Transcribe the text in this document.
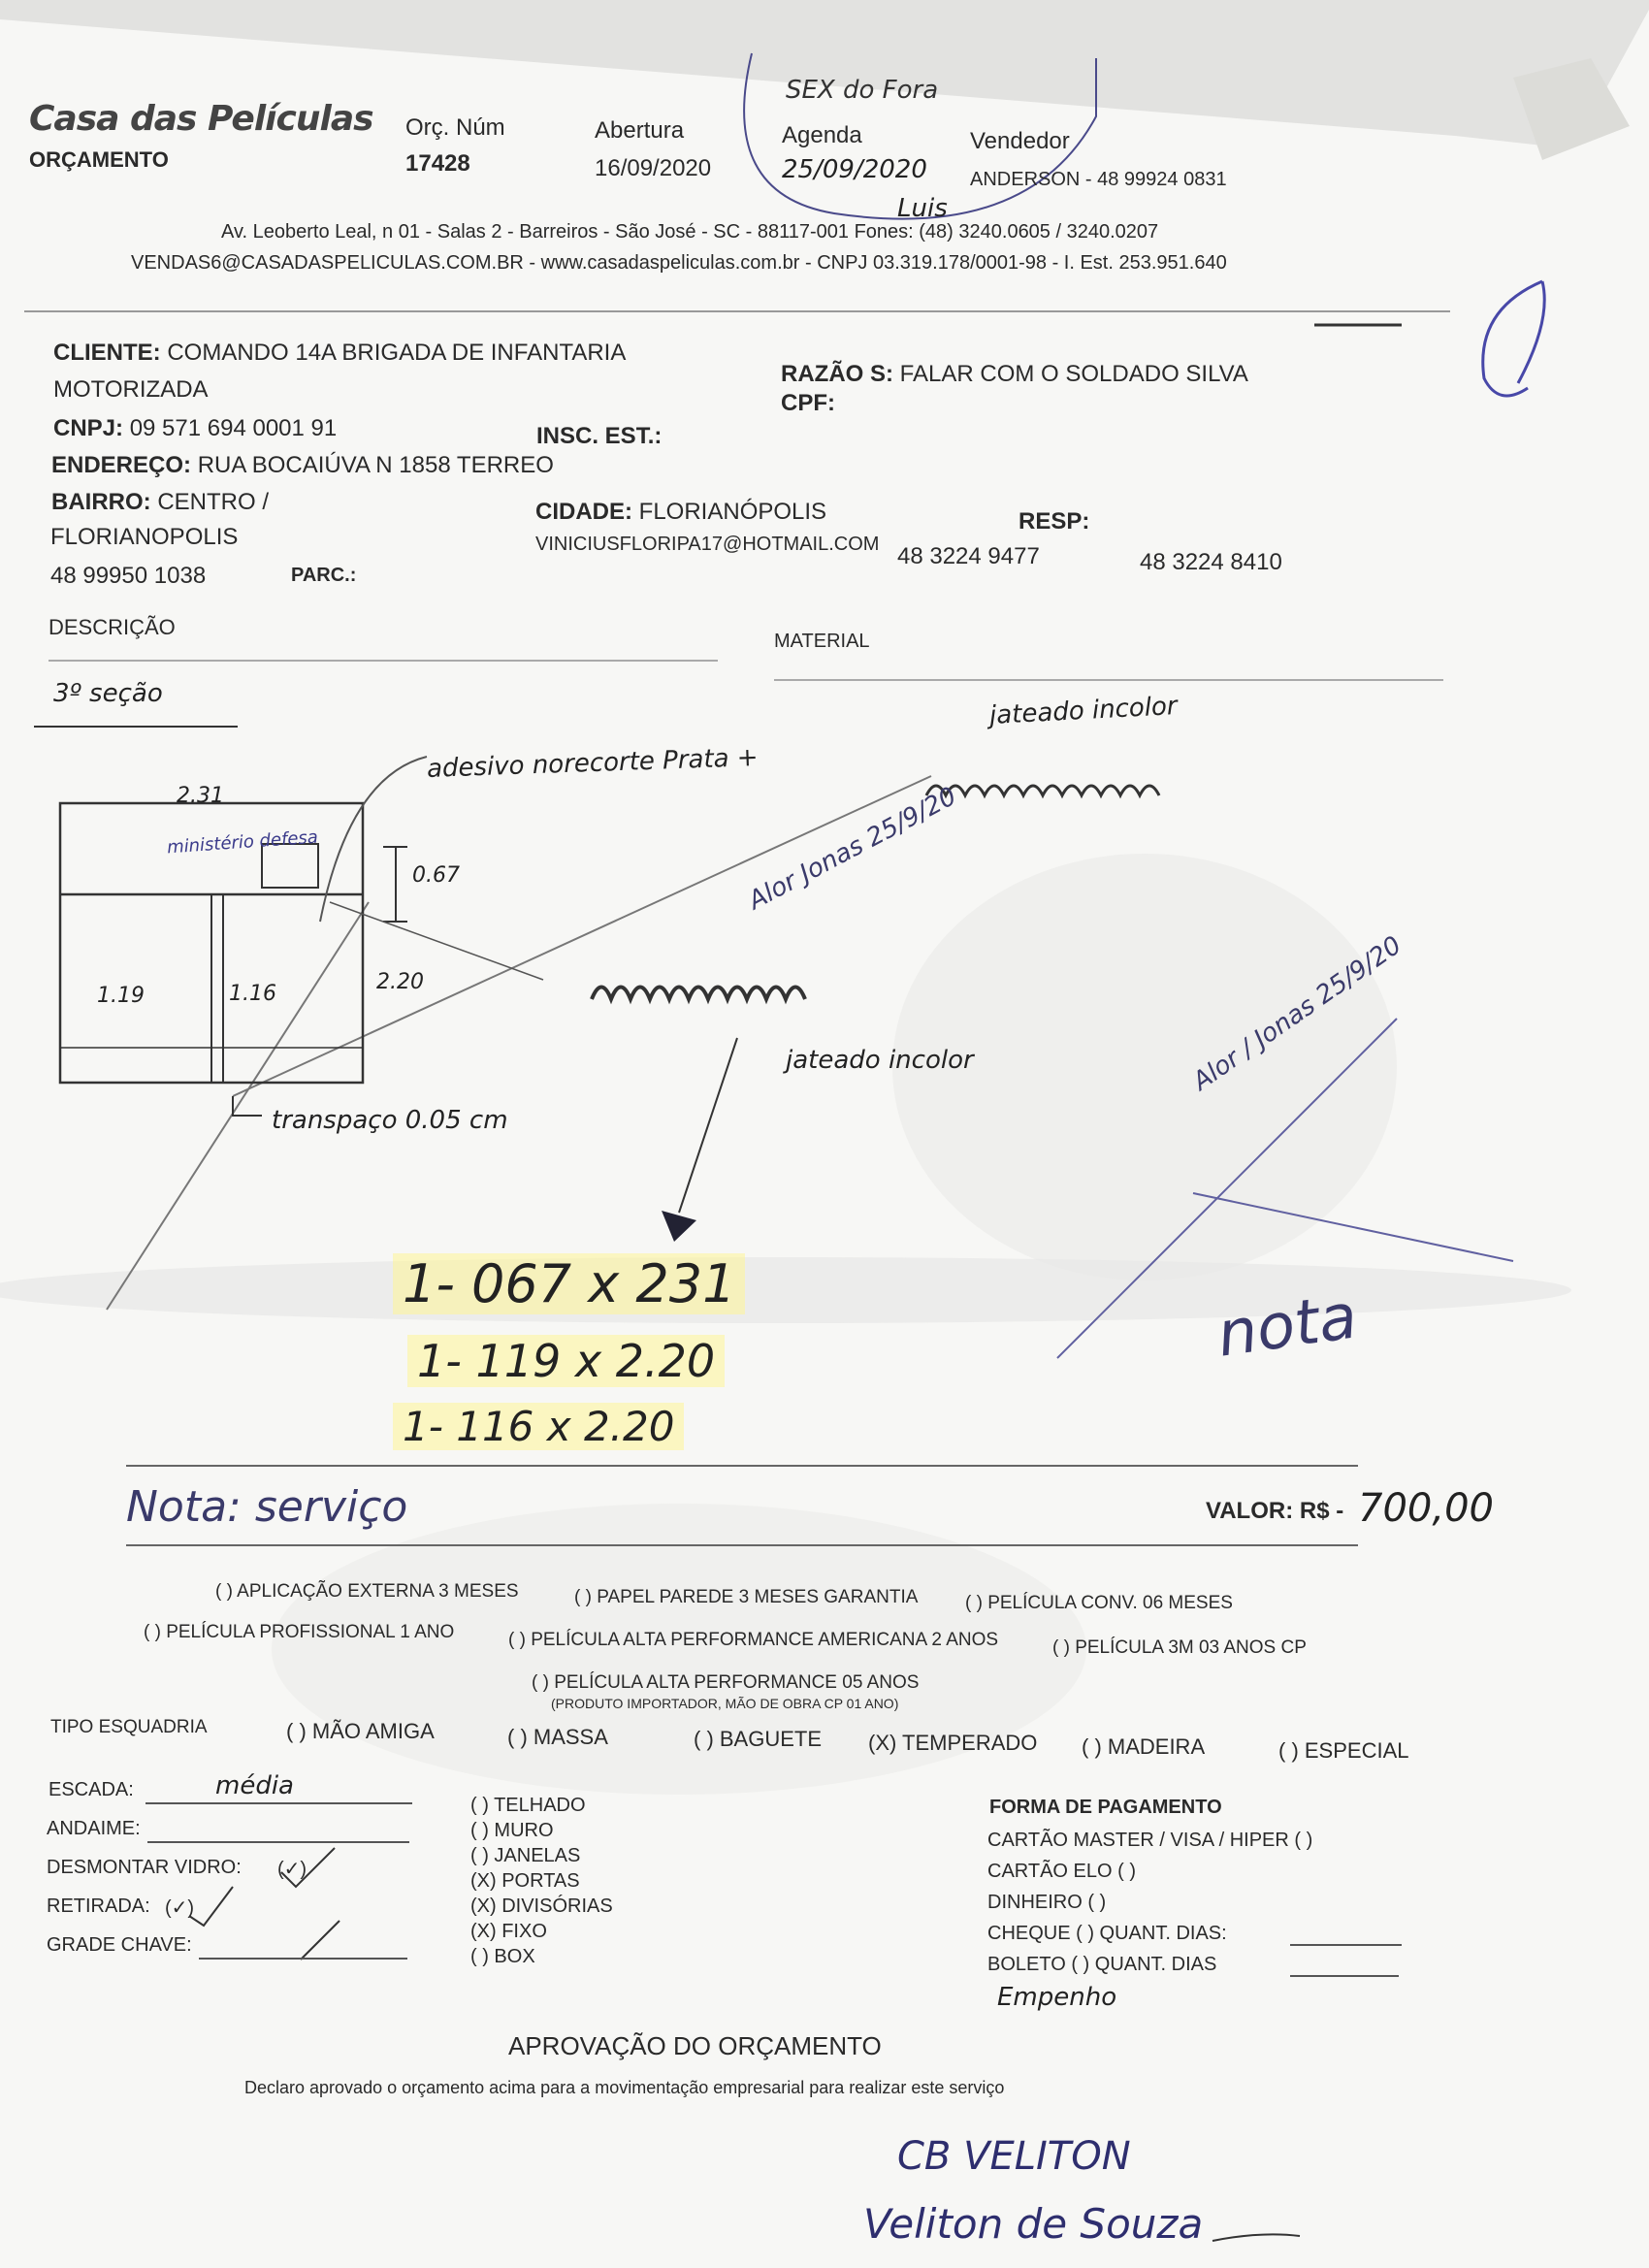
Casa das Películas
ORÇAMENTO
Orç. Núm
17428
Abertura
16/09/2020
SEX do Fora
Agenda
25/09/2020
Luis
Vendedor
ANDERSON - 48 99924 0831
Av. Leoberto Leal, n 01 - Salas 2 - Barreiros - São José - SC - 88117-001 Fones: (48) 3240.0605 / 3240.0207
VENDAS6@CASADASPELICULAS.COM.BR - www.casadaspeliculas.com.br - CNPJ 03.319.178/0001-98 - I. Est. 253.951.640
CLIENTE: COMANDO 14A BRIGADA DE INFANTARIA
MOTORIZADA
RAZÃO S: FALAR COM O SOLDADO SILVA
CPF:
CNPJ: 09 571 694 0001 91	INSC. EST.:
ENDEREÇO: RUA BOCAIÚVA N 1858 TERREO
BAIRRO: CENTRO /
FLORIANOPOLIS
CIDADE: FLORIANÓPOLIS	RESP:
VINICIUSFLORIPA17@HOTMAIL.COM
48 99950 1038	PARC.:
48 3224 9477	48 3224 8410
DESCRIÇÃO
MATERIAL
3º seção	jateado incolor
adesivo norecorte Prata +
jateado incolor
2.31
ministério defesa
0.67
1.19	1.16	2.20
transpaço 0.05 cm
Alor Jonas 25/9/20
Alor / Jonas 25/9/20
nota
1- 067 x 231
1- 119 x 2.20
1- 116 x 2.20
Nota: serviço	VALOR: R$ - 700,00
( ) APLICAÇÃO EXTERNA 3 MESES	( ) PAPEL PAREDE 3 MESES GARANTIA	( ) PELÍCULA CONV. 06 MESES
( ) PELÍCULA PROFISSIONAL 1 ANO	( ) PELÍCULA ALTA PERFORMANCE AMERICANA 2 ANOS	( ) PELÍCULA 3M 03 ANOS CP
( ) PELÍCULA ALTA PERFORMANCE 05 ANOS
(PRODUTO IMPORTADOR, MÃO DE OBRA CP 01 ANO)
TIPO ESQUADRIA	( ) MÃO AMIGA	( ) MASSA	( ) BAGUETE (X) TEMPERADO ( ) MADEIRA	( ) ESPECIAL
ESCADA:	média
ANDAIME:
DESMONTAR VIDRO: (✓)
RETIRADA: (✓)
GRADE CHAVE:
( ) TELHADO
( ) MURO
( ) JANELAS
(X) PORTAS
(X) DIVISÓRIAS
(X) FIXO
( ) BOX
FORMA DE PAGAMENTO
CARTÃO MASTER / VISA / HIPER ( )
CARTÃO ELO ( )
DINHEIRO ( )
CHEQUE ( ) QUANT. DIAS:
BOLETO ( ) QUANT. DIAS
Empenho
APROVAÇÃO DO ORÇAMENTO
Declaro aprovado o orçamento acima para a movimentação empresarial para realizar este serviço
CB VELITON
Veliton de Souza
